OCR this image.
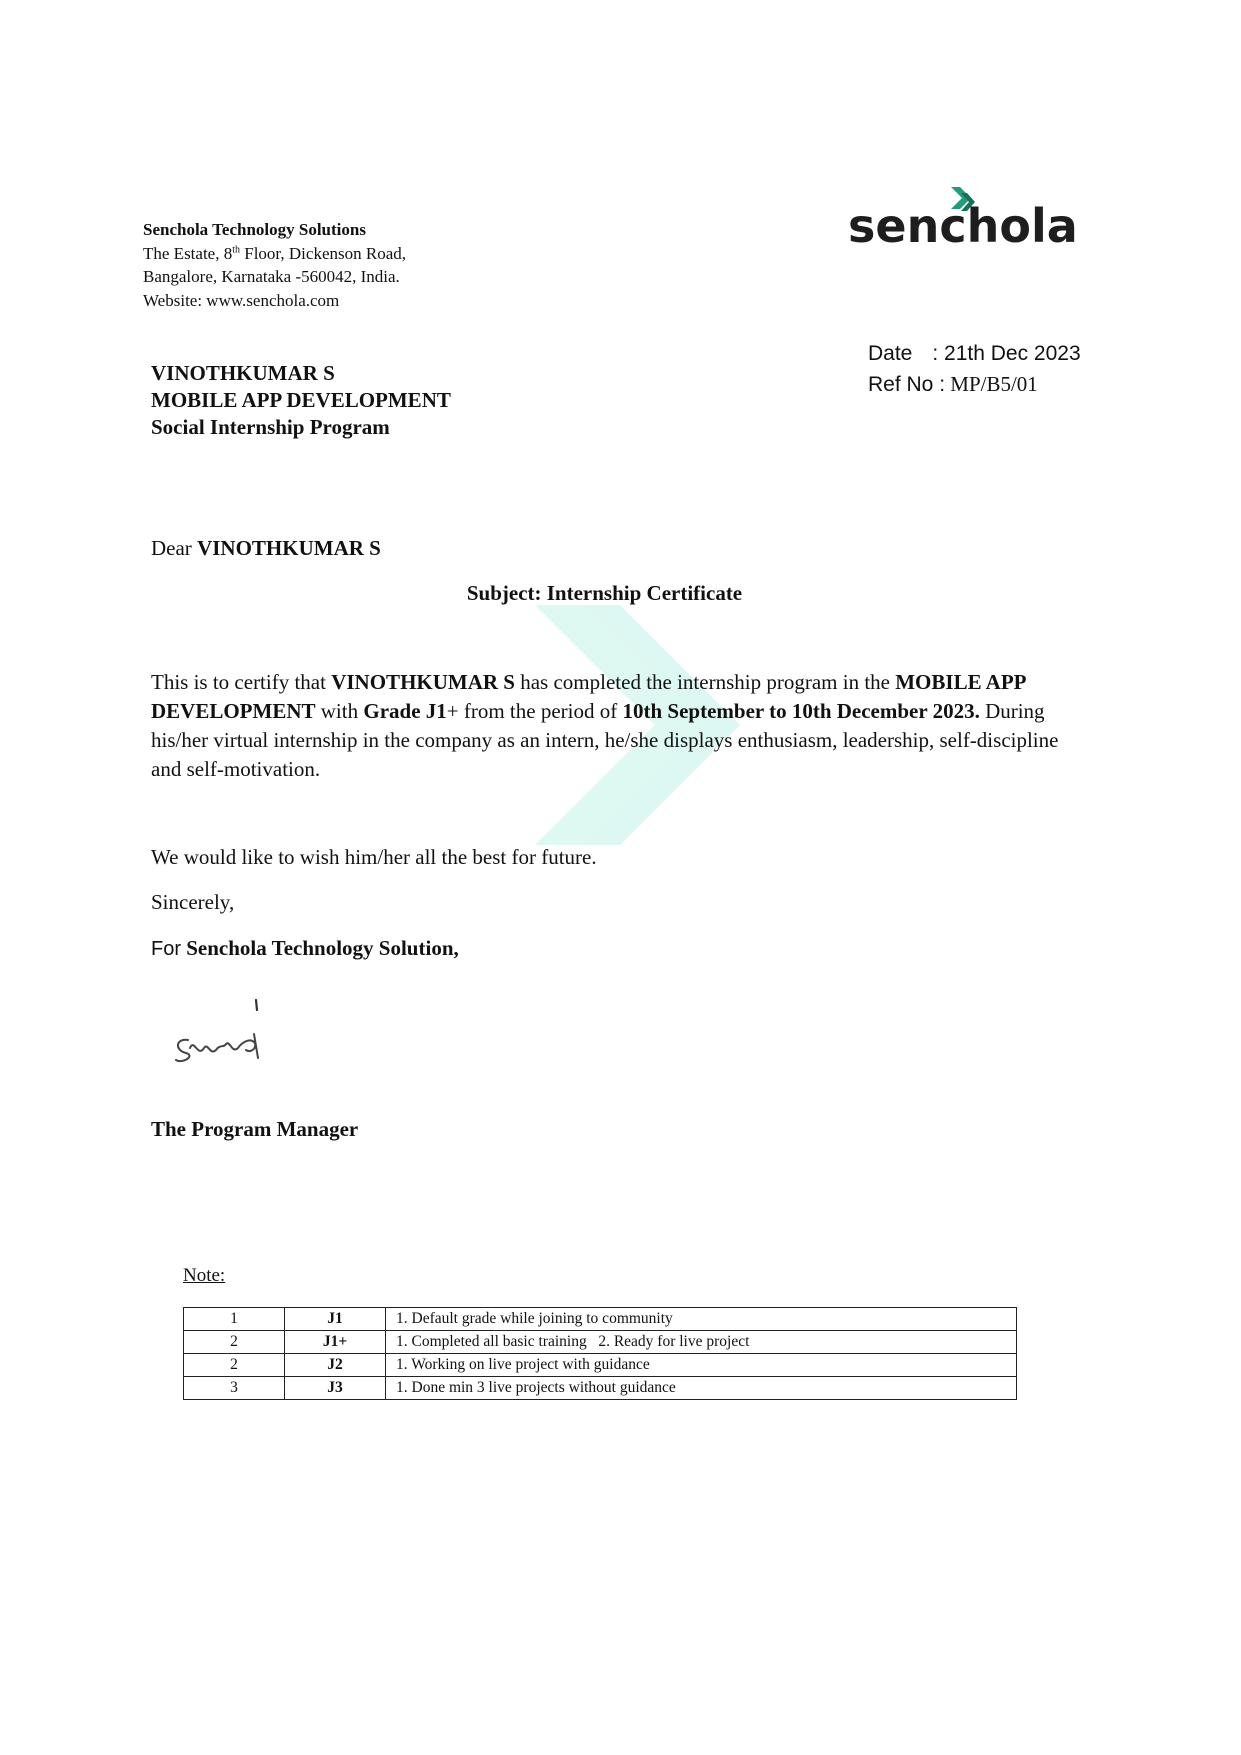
Senchola Technology Solutions
The Estate, 8th Floor, Dickenson Road,
Bangalore, Karnataka -560042, India.
Website: www.senchola.com
senchola
Date : 21th Dec 2023
Ref No : MP/B5/01
VINOTHKUMAR S
MOBILE APP DEVELOPMENT
Social Internship Program
Dear VINOTHKUMAR S
Subject: Internship Certificate
This is to certify that VINOTHKUMAR S has completed the internship program in the MOBILE APP DEVELOPMENT with Grade J1+ from the period of 10th September to 10th December 2023. During his/her virtual internship in the company as an intern, he/she displays enthusiasm, leadership, self-discipline and self-motivation.
We would like to wish him/her all the best for future.
Sincerely,
For Senchola Technology Solution,
The Program Manager
Note:
1	J1	1. Default grade while joining to community
2	J1+	1. Completed all basic training   2. Ready for live project
2	J2	1. Working on live project with guidance
3	J3	1. Done min 3 live projects without guidance
